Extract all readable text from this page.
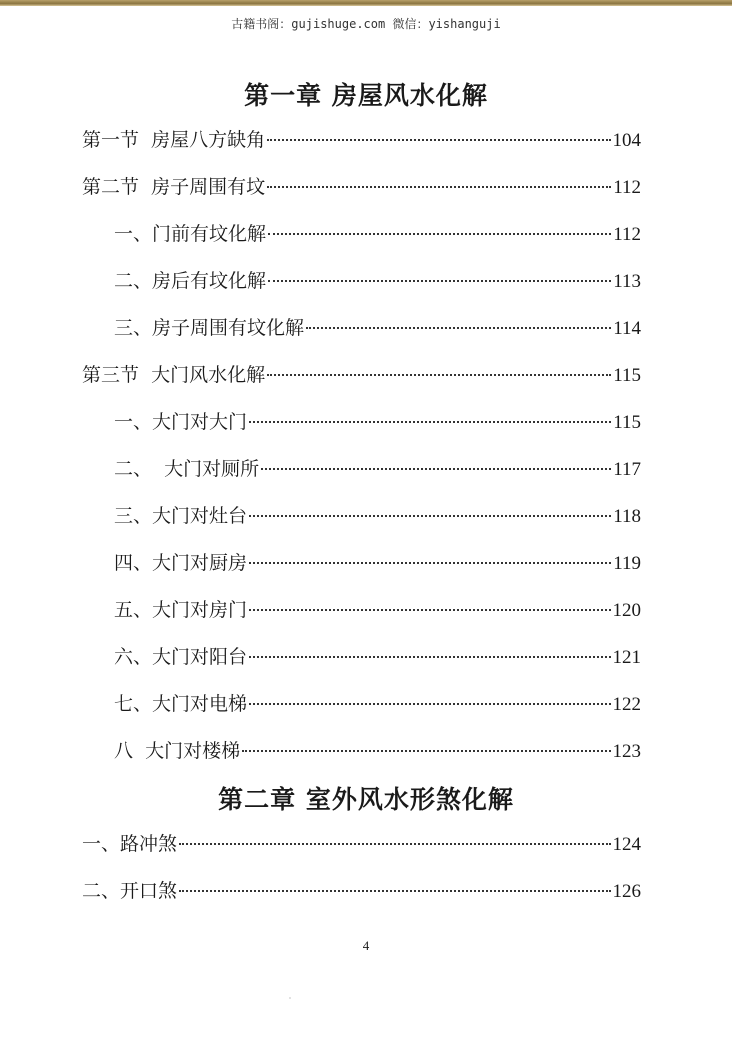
古籍书阁：gujishuge.com 微信：yishanguji
第一章 房屋风水化解
第一节  房屋八方缺角	104
第二节  房子周围有坟	112
一、门前有坟化解	112
二、房后有坟化解	113
三、房子周围有坟化解	114
第三节  大门风水化解	115
一、大门对大门	115
二、  大门对厕所	117
三、大门对灶台	118
四、大门对厨房	119
五、大门对房门	120
六、大门对阳台	121
七、大门对电梯	122
八  大门对楼梯	123
第二章 室外风水形煞化解
一、路冲煞	124
二、开口煞	126
4
